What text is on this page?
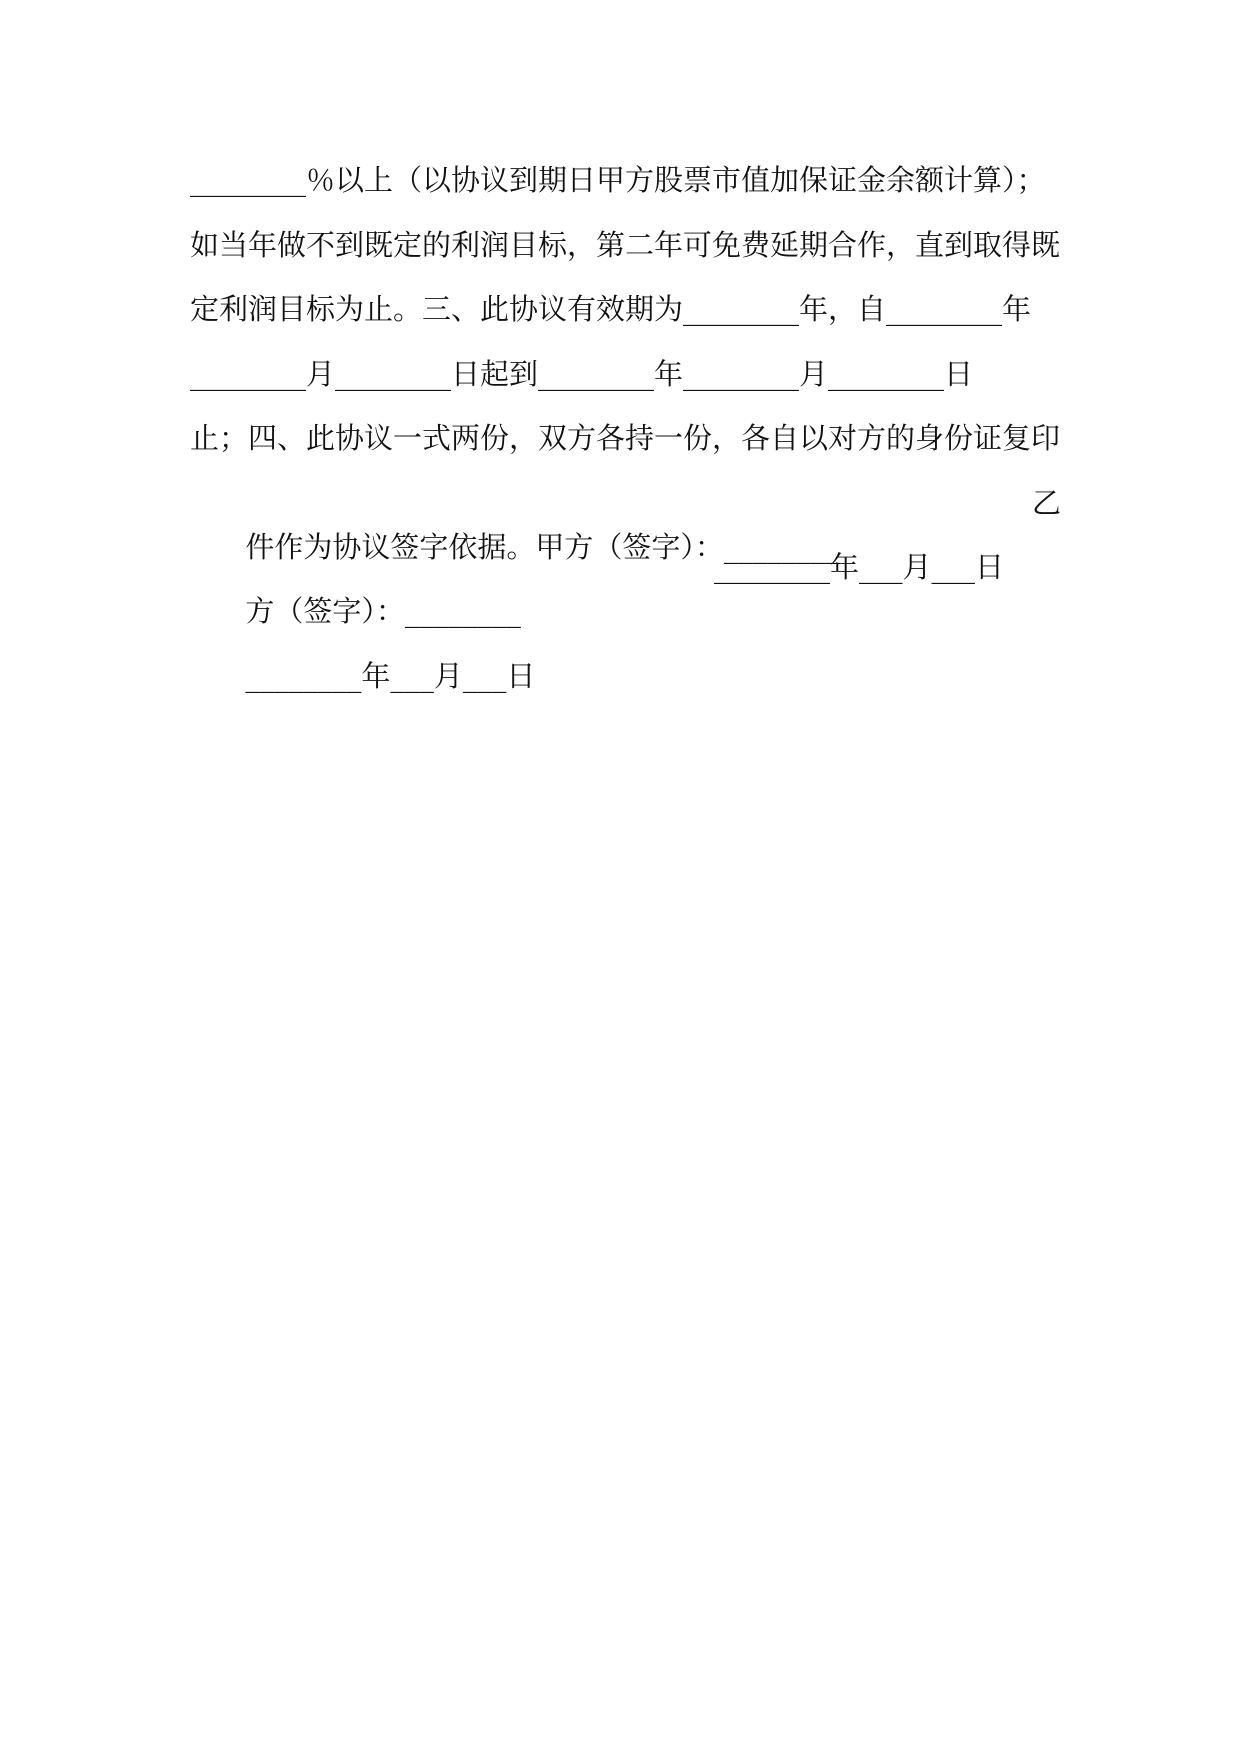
________％以上（以协议到期日甲方股票市值加保证金余额计算）；
如当年做不到既定的利润目标，第二年可免费延期合作，直到取得既
定利润目标为止。三、此协议有效期为________年，自________年
________月________日起到________年________月________日
止；四、此协议一式两份，双方各持一份，各自以对方的身份证复印

件作为协议签字依据。甲方（签字）：________

乙

方（签字）：________

________年___月___日

________年___月___日
